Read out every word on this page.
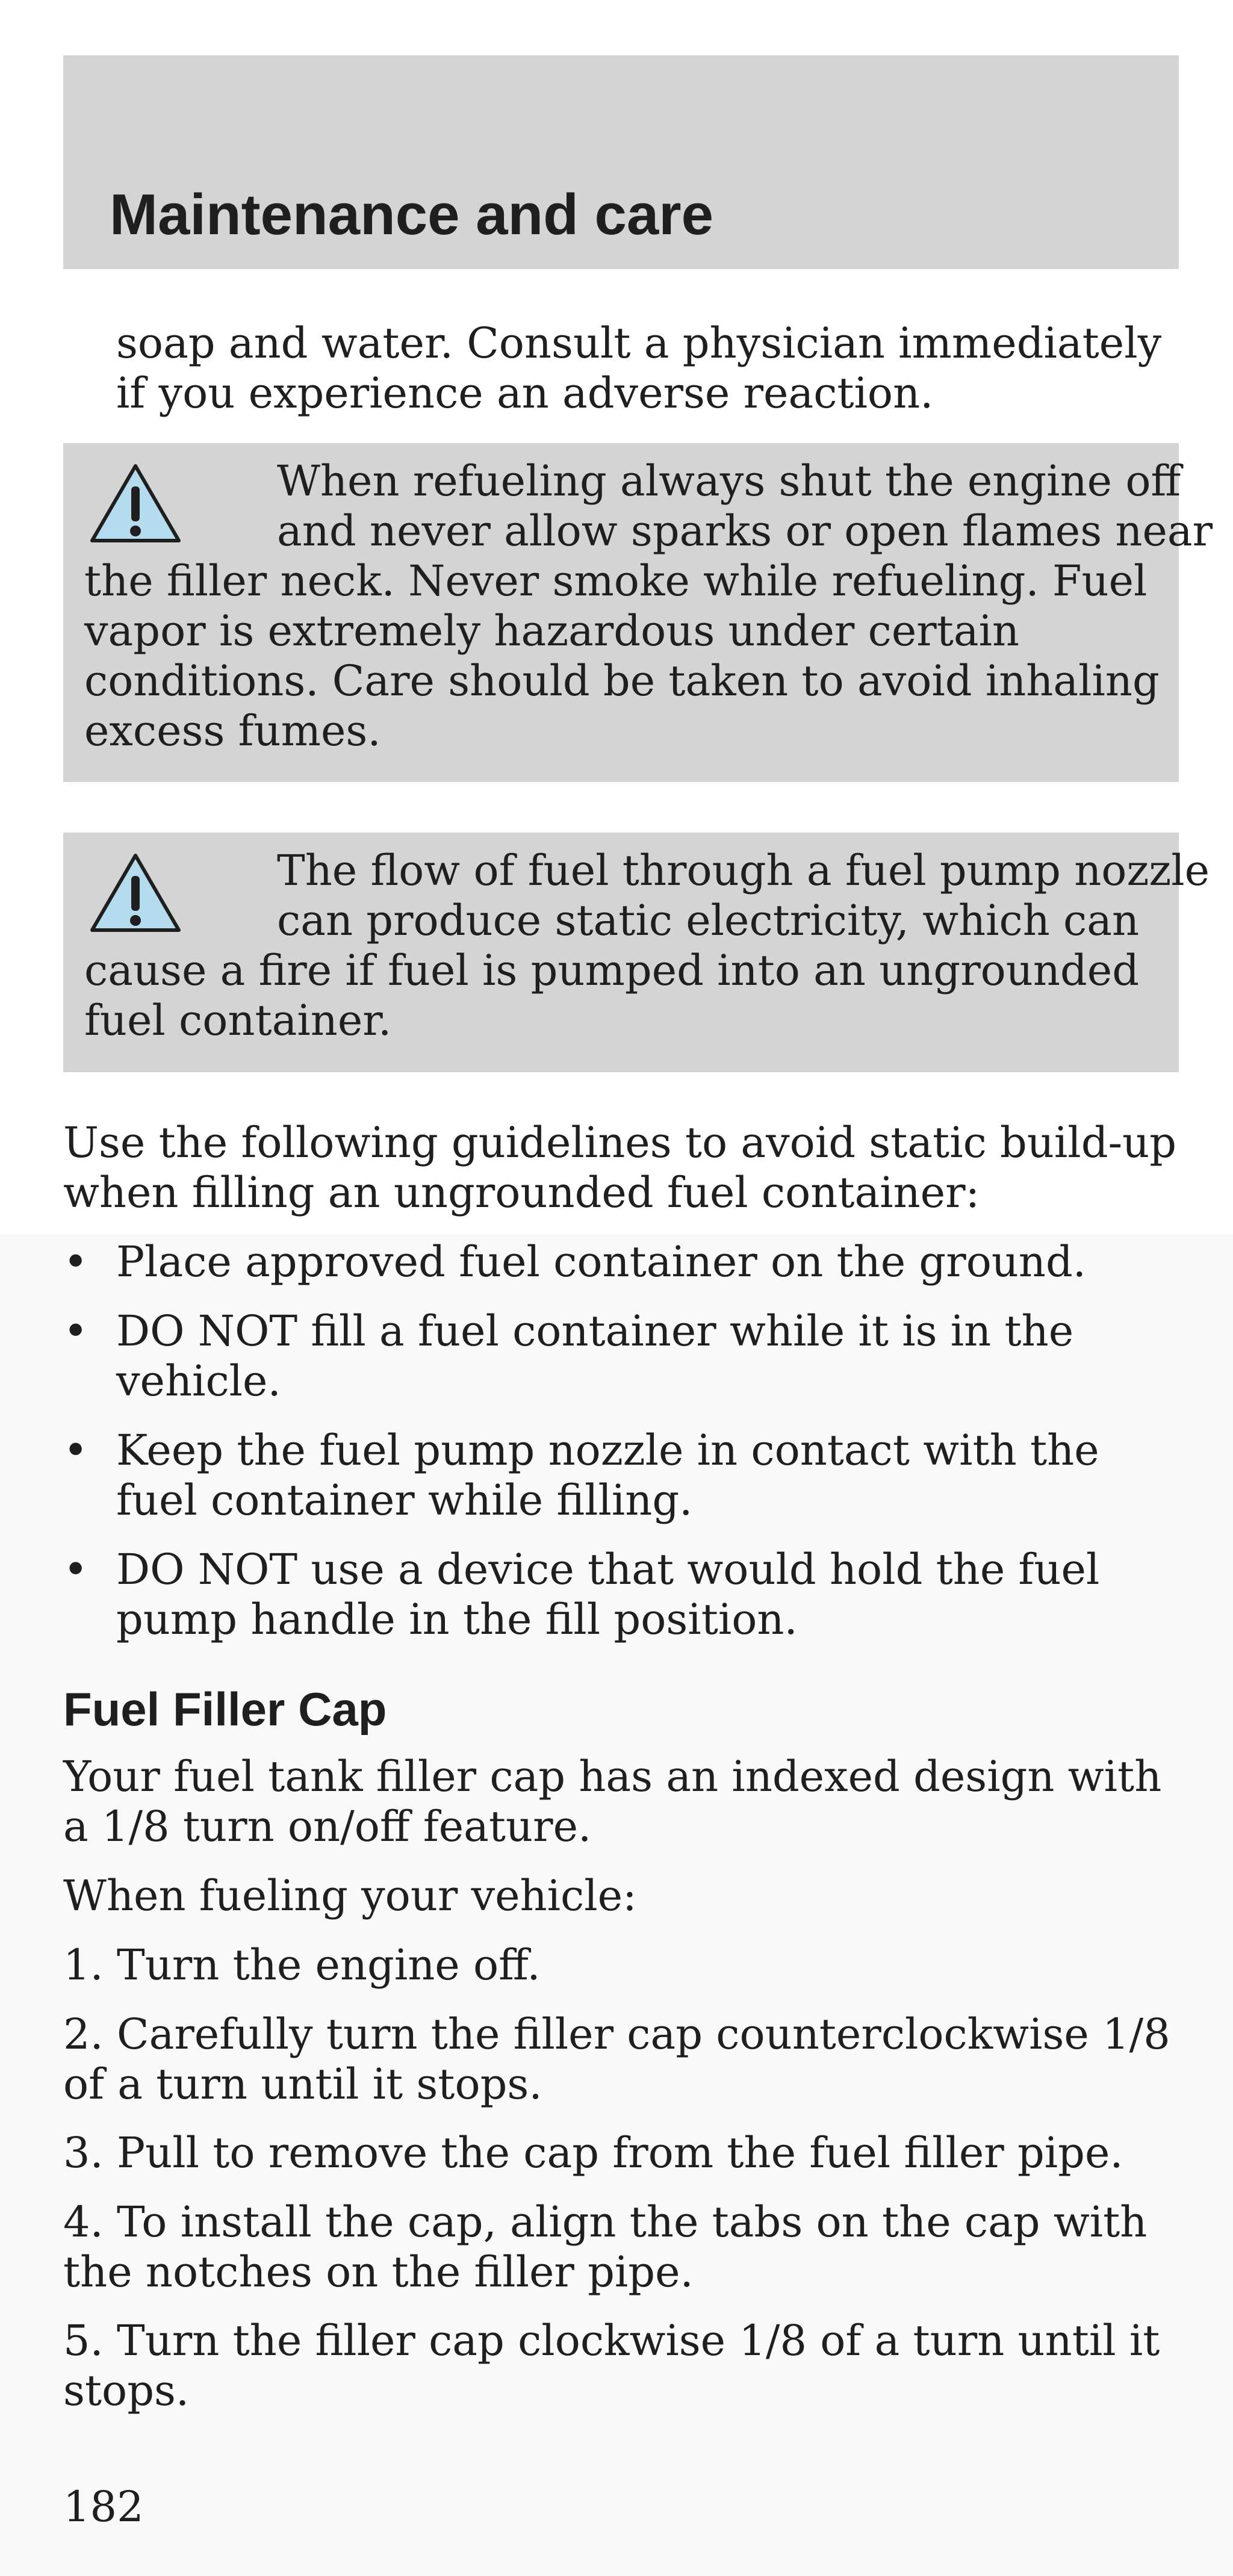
Maintenance and care

soap and water. Consult a physician immediately
if you experience an adverse reaction.

When refueling always shut the engine off
and never allow sparks or open flames near
the filler neck. Never smoke while refueling. Fuel
vapor is extremely hazardous under certain
conditions. Care should be taken to avoid inhaling
excess fumes.
The flow of fuel through a fuel pump nozzle
can produce static electricity, which can
cause a fire if fuel is pumped into an ungrounded
fuel container.

Use the following guidelines to avoid static build-up
when filling an ungrounded fuel container:

• Place approved fuel container on the ground.
• DO NOT fill a fuel container while it is in the
vehicle.
• Keep the fuel pump nozzle in contact with the
fuel container while filling.
• DO NOT use a device that would hold the fuel
pump handle in the fill position.
Fuel Filler Cap

Your fuel tank filler cap has an indexed design with
a 1/8 turn on/off feature.

When fueling your vehicle:

1. Turn the engine off.

2. Carefully turn the filler cap counterclockwise 1/8
of a turn until it stops.

3. Pull to remove the cap from the fuel filler pipe.

4. To install the cap, align the tabs on the cap with
the notches on the filler pipe.

5. Turn the filler cap clockwise 1/8 of a turn until it
stops.

182
